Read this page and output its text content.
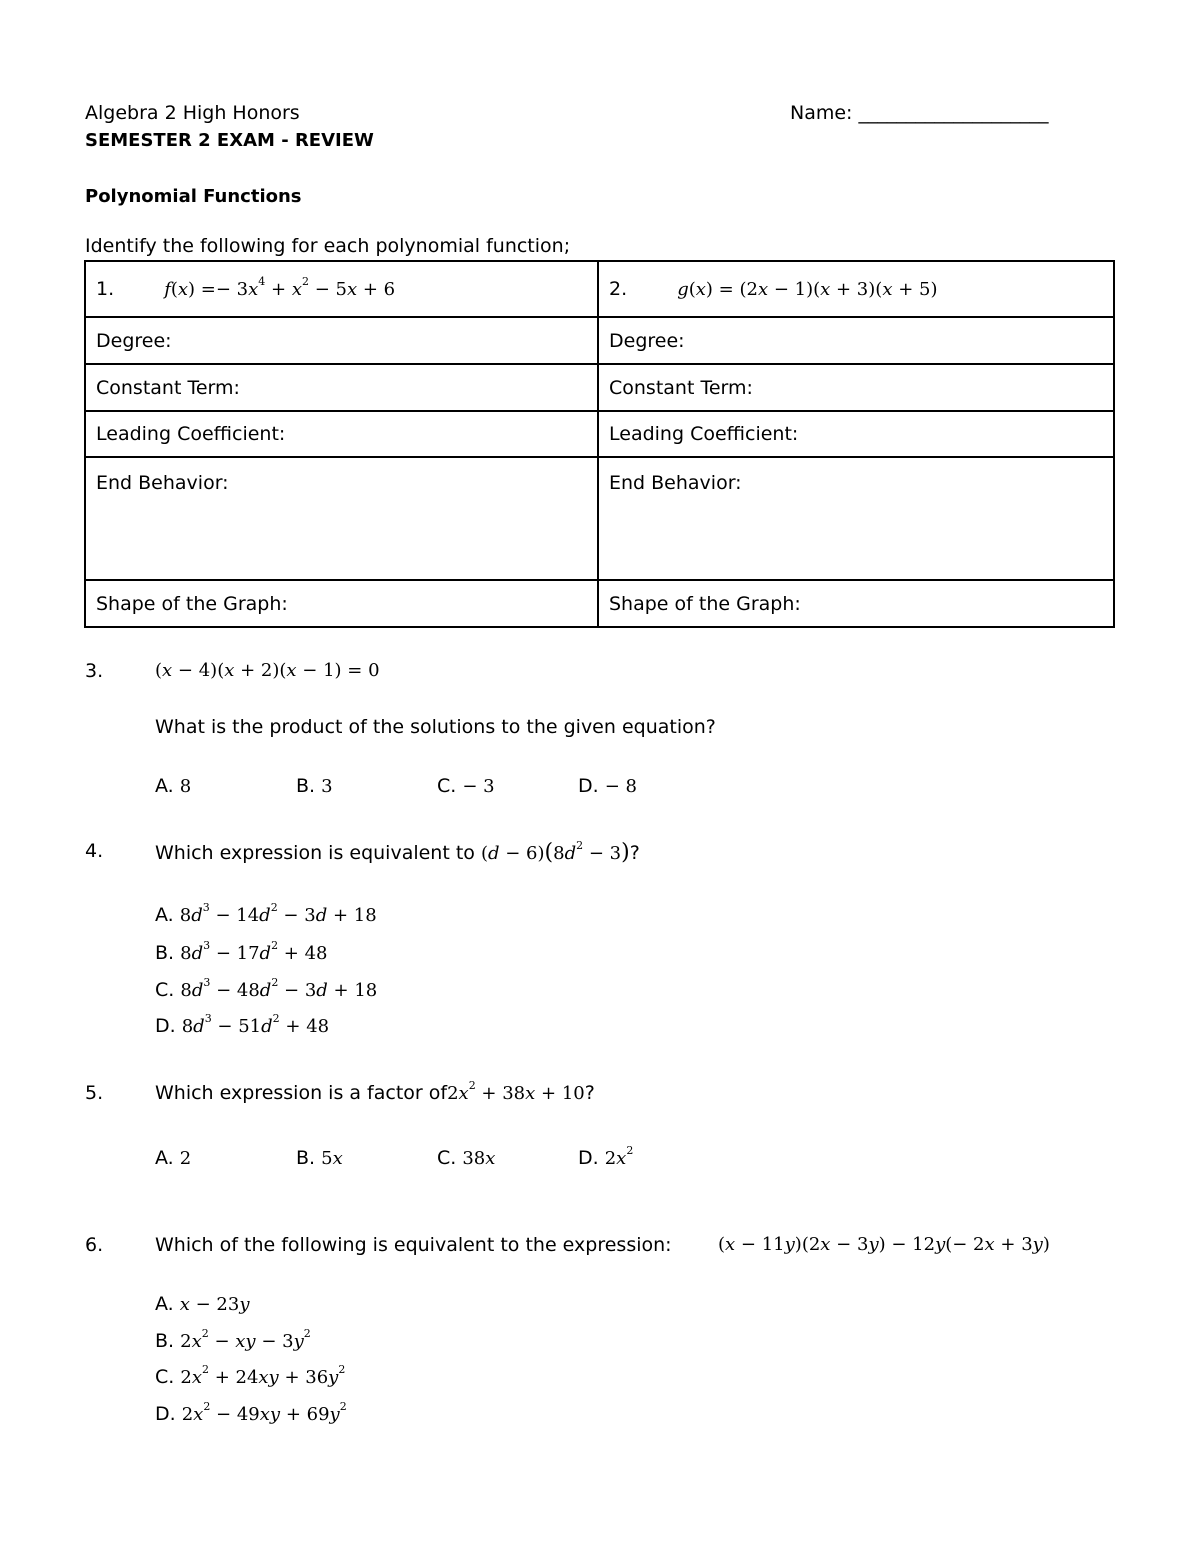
Algebra 2 High Honors	Name: ____________________
SEMESTER 2 EXAM - REVIEW
Polynomial Functions
Identify the following for each polynomial function;
1. $f(x) =- 3x^4 + x^2 - 5x + 6$	2. g(x) = (2x − 1)(x + 3)(x + 5)
Degree:	Degree:
Constant Term:	Constant Term:
Leading Coefficient:	Leading Coefficient:
End Behavior:	End Behavior:
Shape of the Graph:	Shape of the Graph:
3.	(x − 4)(x + 2)(x − 1) = 0
What is the product of the solutions to the given equation?
A. 8	B. 3	C. − 3	D. − 8
4.	Which expression is equivalent to $(d - 6)(8d^2 - 3)$?
A. $8d^3 - 14d^2 - 3d + 18$
B. $8d^3 - 17d^2 + 48$
C. $8d^3 - 48d^2 - 3d + 18$
D. $8d^3 - 51d^2 + 48$
5.	Which expression is a factor $of2x^2 + 38x + 10$?
A. 2	B. 5x	C. 38x	D. $2x^2$
6.	Which of the following is equivalent to the expression:	(x − 11y)(2x − 3y) − 12y(− 2x + 3y)
A. x − 23y
B. $2x^2$ − xy − $3y^2$
C. $2x^2 + 24xy + 36y^2$
D. $2x^2 - 49xy + 69y^2$
